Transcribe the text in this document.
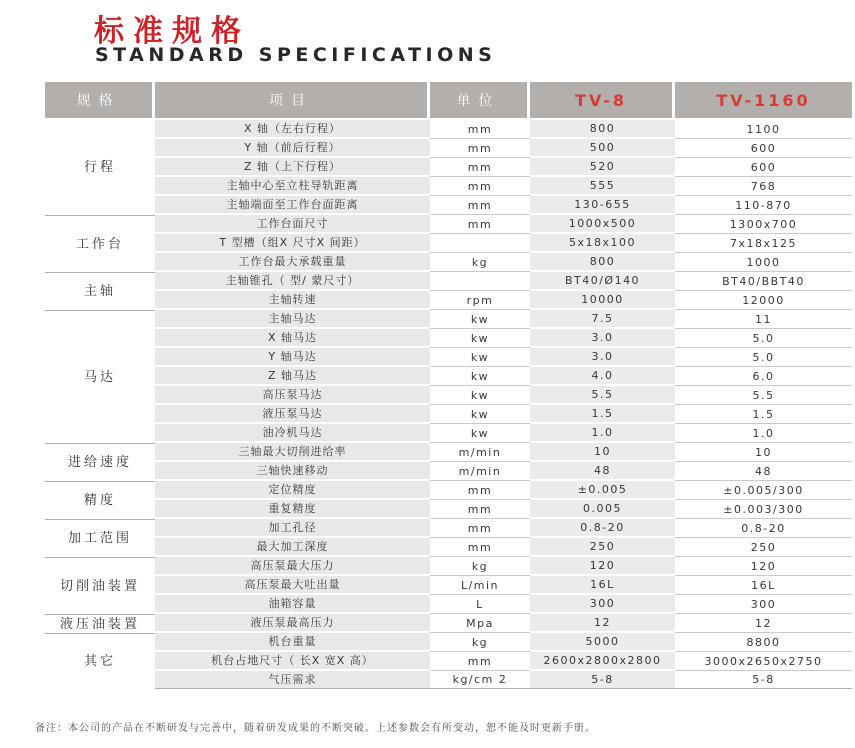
标准规格
STANDARD SPECIFICATIONS
规格	项目	单位	TV-8	TV-1160
行程	X 轴（左右行程）	mm	800	1100
	Y 轴（前后行程）	mm	500	600
	Z 轴（上下行程）	mm	520	600
	主轴中心至立柱导轨距离	mm	555	768
	主轴端面至工作台面距离	mm	130-655	110-870
工作台	工作台面尺寸	mm	1000x500	1300x700
	T 型槽（组X 尺寸X 间距）		5x18x100	7x18x125
	工作台最大承载重量	kg	800	1000
主轴	主轴锥孔（ 型/ 蒙尺寸）		BT40/Ø140	BT40/BBT40
	主轴转速	rpm	10000	12000
马达	主轴马达	kw	7.5	11
	X 轴马达	kw	3.0	5.0
	Y 轴马达	kw	3.0	5.0
	Z 轴马达	kw	4.0	6.0
	高压泵马达	kw	5.5	5.5
	液压泵马达	kw	1.5	1.5
	油冷机马达	kw	1.0	1.0
进给速度	三轴最大切削进给率	m/min	10	10
	三轴快速移动	m/min	48	48
精度	定位精度	mm	±0.005	±0.005/300
	重复精度	mm	0.005	±0.003/300
加工范围	加工孔径	mm	0.8-20	0.8-20
	最大加工深度	mm	250	250
切削油装置	高压泵最大压力	kg	120	120
	高压泵最大吐出量	L/min	16L	16L
	油箱容量	L	300	300
液压油装置	液压泵最高压力	Mpa	12	12
其它	机台重量	kg	5000	8800
	机台占地尺寸（ 长X 宽X 高）	mm	2600x2800x2800	3000x2650x2750
	气压需求	kg/cm 2	5-8	5-8
备注：本公司的产品在不断研发与完善中，随着研发成果的不断突破。上述参数会有所变动，恕不能及时更新手册。
